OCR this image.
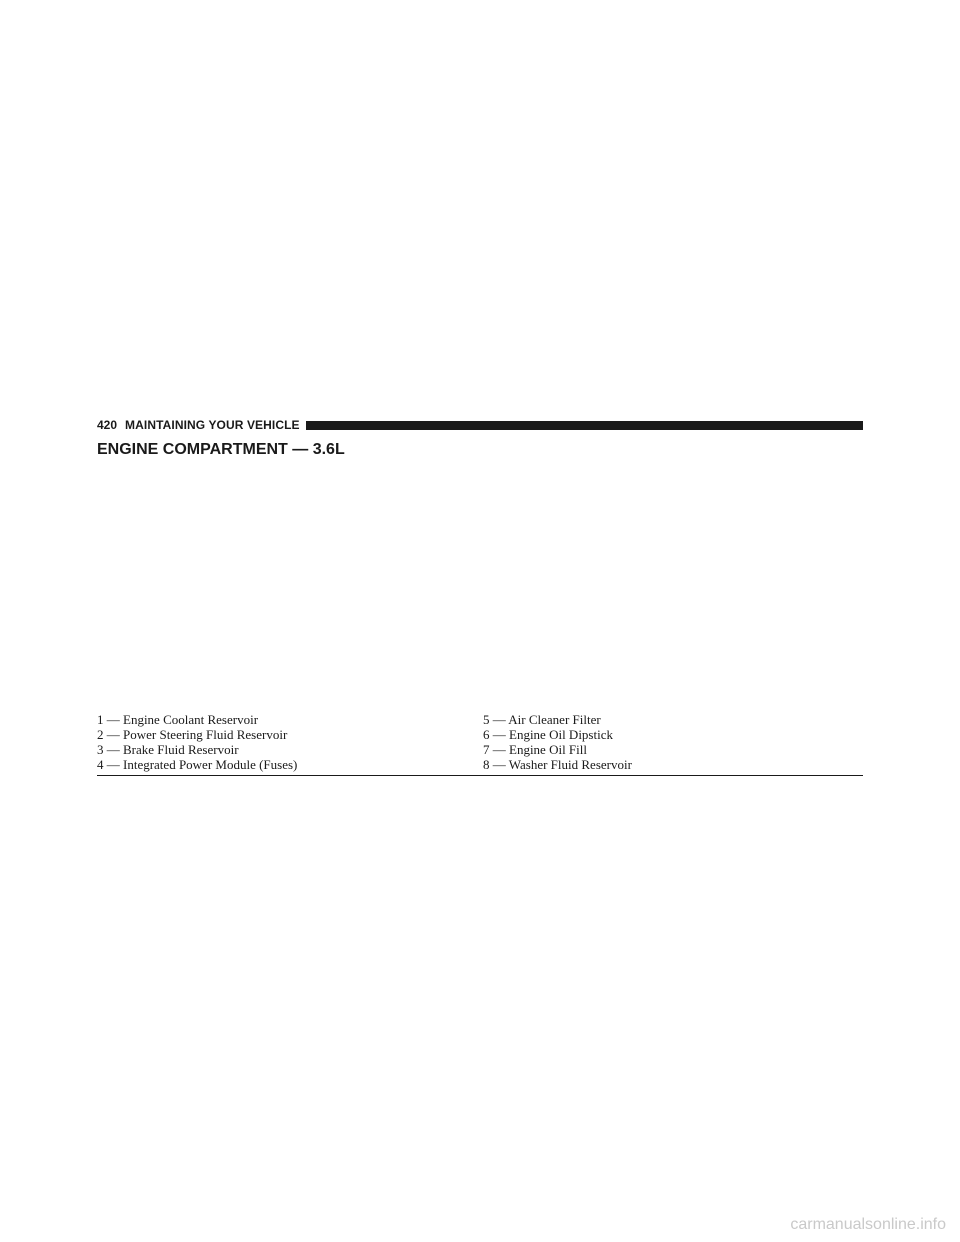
420 MAINTAINING YOUR VEHICLE
ENGINE COMPARTMENT — 3.6L
1 — Engine Coolant Reservoir
2 — Power Steering Fluid Reservoir
3 — Brake Fluid Reservoir
4 — Integrated Power Module (Fuses)
5 — Air Cleaner Filter
6 — Engine Oil Dipstick
7 — Engine Oil Fill
8 — Washer Fluid Reservoir
carmanualsonline.info
